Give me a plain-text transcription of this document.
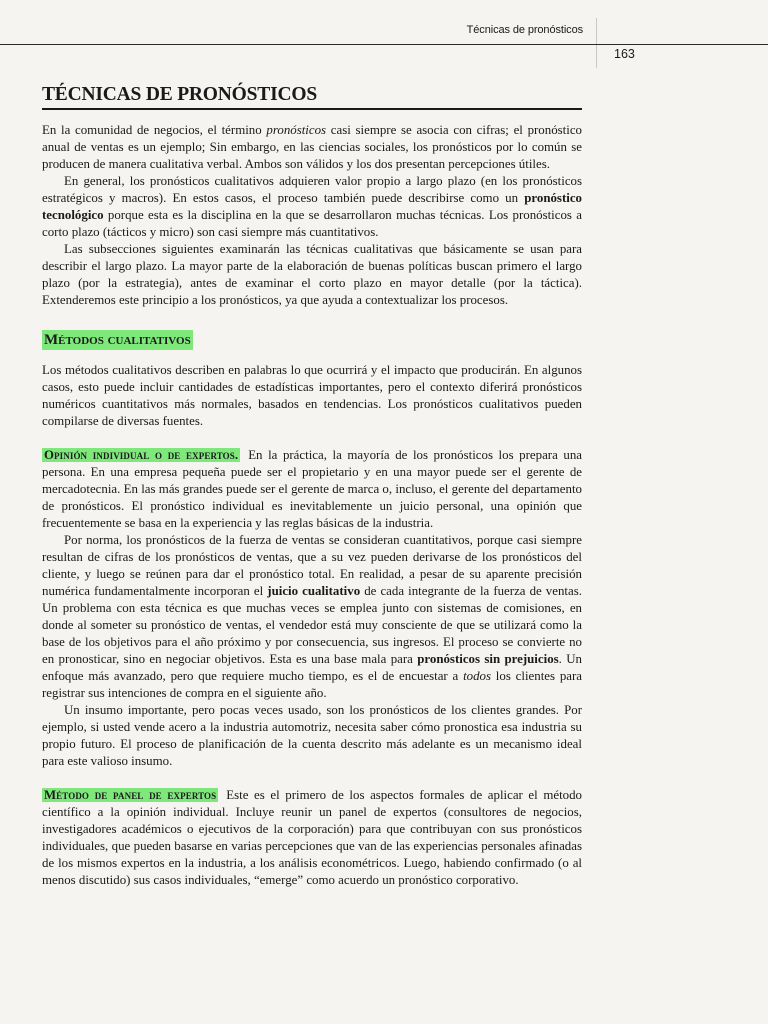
Técnicas de pronósticos
163
TÉCNICAS DE PRONÓSTICOS

En la comunidad de negocios, el término pronósticos casi siempre se asocia con cifras; el pronóstico anual de ventas es un ejemplo; Sin embargo, en las ciencias sociales, los pronósticos por lo común se producen de manera cualitativa verbal. Ambos son válidos y los dos presentan percepciones útiles.

En general, los pronósticos cualitativos adquieren valor propio a largo plazo (en los pronósticos estratégicos y macros). En estos casos, el proceso también puede describirse como un pronóstico tecnológico porque esta es la disciplina en la que se desarrollaron muchas técnicas. Los pronósticos a corto plazo (tácticos y micro) son casi siempre más cuantitativos.

Las subsecciones siguientes examinarán las técnicas cualitativas que básicamente se usan para describir el largo plazo. La mayor parte de la elaboración de buenas políticas buscan primero el largo plazo (por la estrategia), antes de examinar el corto plazo en mayor detalle (por la táctica). Extenderemos este principio a los pronósticos, ya que ayuda a contextualizar los procesos.

Métodos cualitativos

Los métodos cualitativos describen en palabras lo que ocurrirá y el impacto que producirán. En algunos casos, esto puede incluir cantidades de estadísticas importantes, pero el contexto diferirá pronósticos numéricos cuantitativos más normales, basados en tendencias. Los pronósticos cualitativos pueden compilarse de diversas fuentes.

Opinión individual o de expertos. En la práctica, la mayoría de los pronósticos los prepara una persona. En una empresa pequeña puede ser el propietario y en una mayor puede ser el gerente de mercadotecnia. En las más grandes puede ser el gerente de marca o, incluso, el gerente del departamento de pronósticos. El pronóstico individual es inevitablemente un juicio personal, una opinión que frecuentemente se basa en la experiencia y las reglas básicas de la industria.

Por norma, los pronósticos de la fuerza de ventas se consideran cuantitativos, porque casi siempre resultan de cifras de los pronósticos de ventas, que a su vez pueden derivarse de los pronósticos del cliente, y luego se reúnen para dar el pronóstico total. En realidad, a pesar de su aparente precisión numérica fundamentalmente incorporan el juicio cualitativo de cada integrante de la fuerza de ventas. Un problema con esta técnica es que muchas veces se emplea junto con sistemas de comisiones, en donde al someter su pronóstico de ventas, el vendedor está muy consciente de que se utilizará como la base de los objetivos para el año próximo y por consecuencia, sus ingresos. El proceso se convierte no en pronosticar, sino en negociar objetivos. Esta es una base mala para pronósticos sin prejuicios. Un enfoque más avanzado, pero que requiere mucho tiempo, es el de encuestar a todos los clientes para registrar sus intenciones de compra en el siguiente año.

Un insumo importante, pero pocas veces usado, son los pronósticos de los clientes grandes. Por ejemplo, si usted vende acero a la industria automotriz, necesita saber cómo pronostica esa industria su propio futuro. El proceso de planificación de la cuenta descrito más adelante es un mecanismo ideal para este valioso insumo.

Método de panel de expertos Este es el primero de los aspectos formales de aplicar el método científico a la opinión individual. Incluye reunir un panel de expertos (consultores de negocios, investigadores académicos o ejecutivos de la corporación) para que contribuyan con sus pronósticos individuales, que pueden basarse en varias percepciones que van de las experiencias personales afinadas de los mismos expertos en la industria, a los análisis econométricos. Luego, habiendo confirmado (o al menos discutido) sus casos individuales, “emerge” como acuerdo un pronóstico corporativo.
